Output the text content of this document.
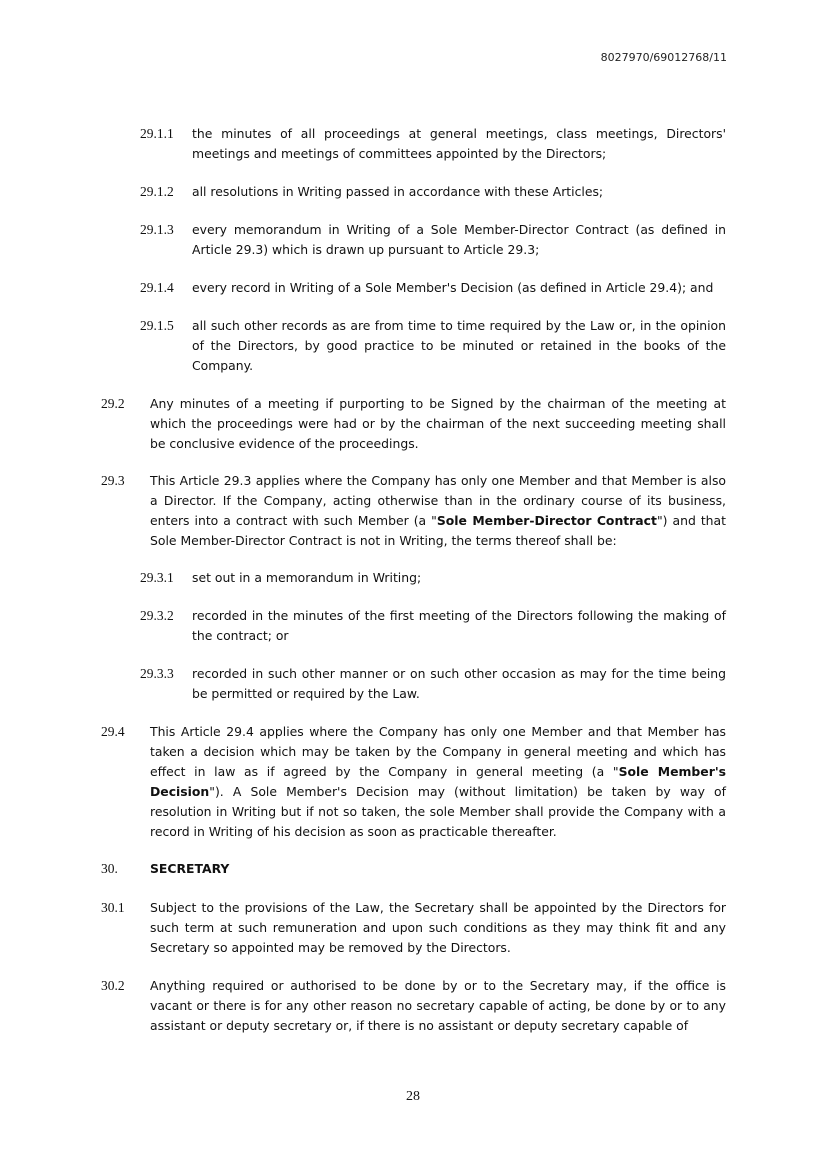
8027970/69012768/11
29.1.1 the minutes of all proceedings at general meetings, class meetings, Directors' meetings and meetings of committees appointed by the Directors;
29.1.2 all resolutions in Writing passed in accordance with these Articles;
29.1.3 every memorandum in Writing of a Sole Member-Director Contract (as defined in Article 29.3) which is drawn up pursuant to Article 29.3;
29.1.4 every record in Writing of a Sole Member's Decision (as defined in Article 29.4); and
29.1.5 all such other records as are from time to time required by the Law or, in the opinion of the Directors, by good practice to be minuted or retained in the books of the Company.
29.2 Any minutes of a meeting if purporting to be Signed by the chairman of the meeting at which the proceedings were had or by the chairman of the next succeeding meeting shall be conclusive evidence of the proceedings.
29.3 This Article 29.3 applies where the Company has only one Member and that Member is also a Director. If the Company, acting otherwise than in the ordinary course of its business, enters into a contract with such Member (a "Sole Member-Director Contract") and that Sole Member-Director Contract is not in Writing, the terms thereof shall be:
29.3.1 set out in a memorandum in Writing;
29.3.2 recorded in the minutes of the first meeting of the Directors following the making of the contract; or
29.3.3 recorded in such other manner or on such other occasion as may for the time being be permitted or required by the Law.
29.4 This Article 29.4 applies where the Company has only one Member and that Member has taken a decision which may be taken by the Company in general meeting and which has effect in law as if agreed by the Company in general meeting (a "Sole Member's Decision"). A Sole Member's Decision may (without limitation) be taken by way of resolution in Writing but if not so taken, the sole Member shall provide the Company with a record in Writing of his decision as soon as practicable thereafter.
30.	SECRETARY
30.1 Subject to the provisions of the Law, the Secretary shall be appointed by the Directors for such term at such remuneration and upon such conditions as they may think fit and any Secretary so appointed may be removed by the Directors.
30.2 Anything required or authorised to be done by or to the Secretary may, if the office is vacant or there is for any other reason no secretary capable of acting, be done by or to any assistant or deputy secretary or, if there is no assistant or deputy secretary capable of
28
